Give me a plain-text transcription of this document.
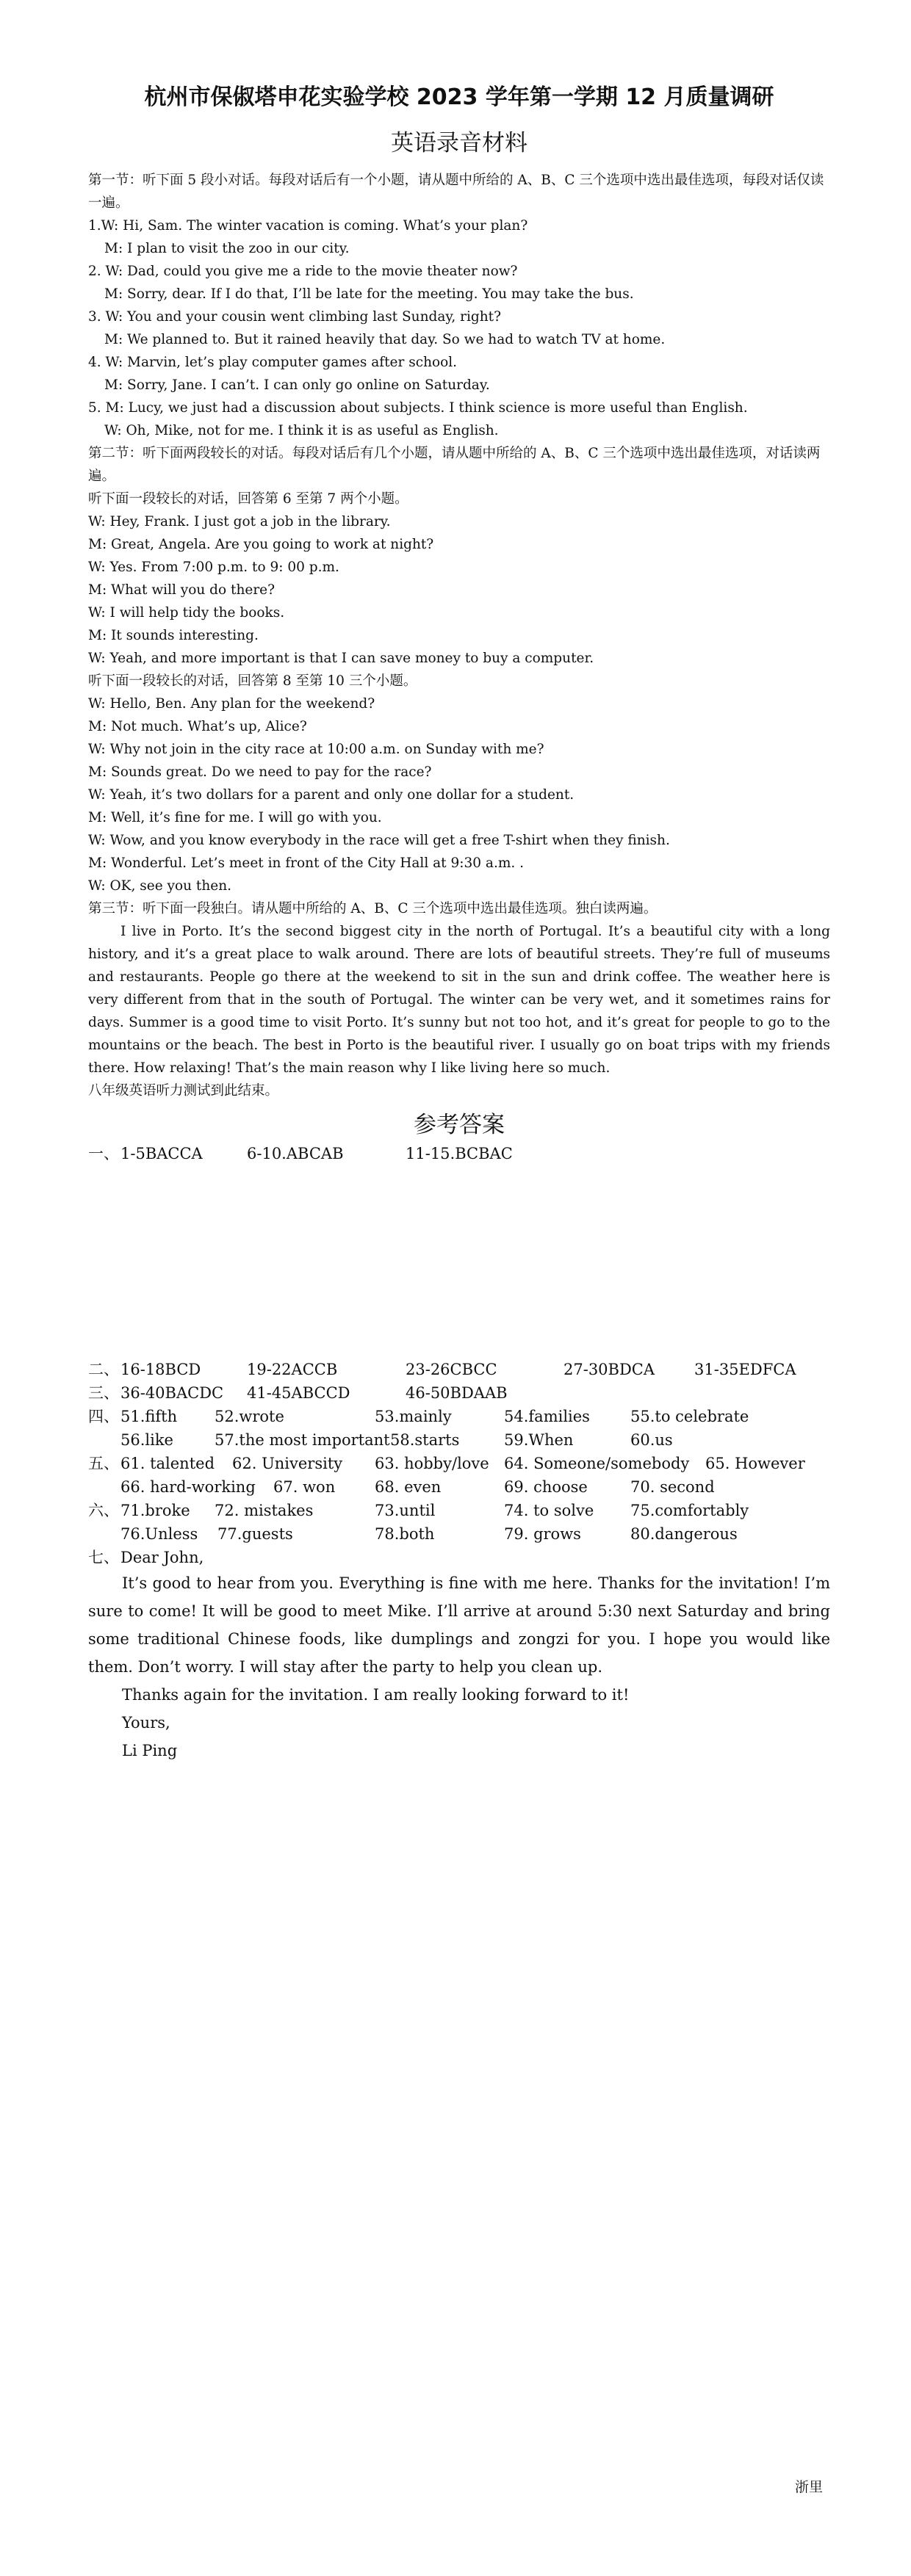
杭州市保俶塔申花实验学校 2023 学年第一学期 12 月质量调研
英语录音材料
第一节：听下面 5 段小对话。每段对话后有一个小题，请从题中所给的 A、B、C 三个选项中选出最佳选项，每段对话仅读一遍。
1.W: Hi, Sam. The winter vacation is coming. What’s your plan?
M: I plan to visit the zoo in our city.
2. W: Dad, could you give me a ride to the movie theater now?
M: Sorry, dear. If I do that, I’ll be late for the meeting. You may take the bus.
3. W: You and your cousin went climbing last Sunday, right?
M: We planned to. But it rained heavily that day. So we had to watch TV at home.
4. W: Marvin, let’s play computer games after school.
M: Sorry, Jane. I can’t. I can only go online on Saturday.
5. M: Lucy, we just had a discussion about subjects. I think science is more useful than English.
W: Oh, Mike, not for me. I think it is as useful as English.
第二节：听下面两段较长的对话。每段对话后有几个小题，请从题中所给的 A、B、C 三个选项中选出最佳选项，对话读两遍。
听下面一段较长的对话，回答第 6 至第 7 两个小题。
W: Hey, Frank. I just got a job in the library.
M: Great, Angela. Are you going to work at night?
W: Yes. From 7:00 p.m. to 9: 00 p.m.
M: What will you do there?
W: I will help tidy the books.
M: It sounds interesting.
W: Yeah, and more important is that I can save money to buy a computer.
听下面一段较长的对话，回答第 8 至第 10 三个小题。
W: Hello, Ben. Any plan for the weekend?
M: Not much. What’s up, Alice?
W: Why not join in the city race at 10:00 a.m. on Sunday with me?
M: Sounds great. Do we need to pay for the race?
W: Yeah, it’s two dollars for a parent and only one dollar for a student.
M: Well, it’s fine for me. I will go with you.
W: Wow, and you know everybody in the race will get a free T-shirt when they finish.
M: Wonderful. Let’s meet in front of the City Hall at 9:30 a.m. .
W: OK, see you then.
第三节：听下面一段独白。请从题中所给的 A、B、C 三个选项中选出最佳选项。独白读两遍。
I live in Porto. It’s the second biggest city in the north of Portugal. It’s a beautiful city with a long history, and it’s a great place to walk around. There are lots of beautiful streets. They’re full of museums and restaurants. People go there at the weekend to sit in the sun and drink coffee. The weather here is very different from that in the south of Portugal. The winter can be very wet, and it sometimes rains for days. Summer is a good time to visit Porto. It’s sunny but not too hot, and it’s great for people to go to the mountains or the beach. The best in Porto is the beautiful river. I usually go on boat trips with my friends there. How relaxing! That’s the main reason why I like living here so much.
八年级英语听力测试到此结束。
参考答案
一、 1-5BACCA	6-10.ABCAB	11-15.BCBAC
二、 16-18BCD	19-22ACCB	23-26CBCC	27-30BDCA	31-35EDFCA
三、 36-40BACDC 41-45ABCCD	46-50BDAAB
四、 51.fifth 52.wrote	53.mainly	54.families	55.to celebrate
56.like	57.the most important 58.starts	59.When	60.us
五、 61. talented 62. University 63. hobby/love 64. Someone/somebody 65. However
66. hard-working 67. won	68. even	69. choose	70. second
六、 71.broke 72. mistakes	73.until	74. to solve 75.comfortably
76.Unless 77.guests	78.both	79. grows	80.dangerous
七、 Dear John,
It’s good to hear from you. Everything is fine with me here. Thanks for the invitation! I’m sure to come! It will be good to meet Mike. I’ll arrive at around 5:30 next Saturday and bring some traditional Chinese foods, like dumplings and zongzi for you. I hope you would like them. Don’t worry. I will stay after the party to help you clean up.
Thanks again for the invitation. I am really looking forward to it!
Yours,
Li Ping
浙里
